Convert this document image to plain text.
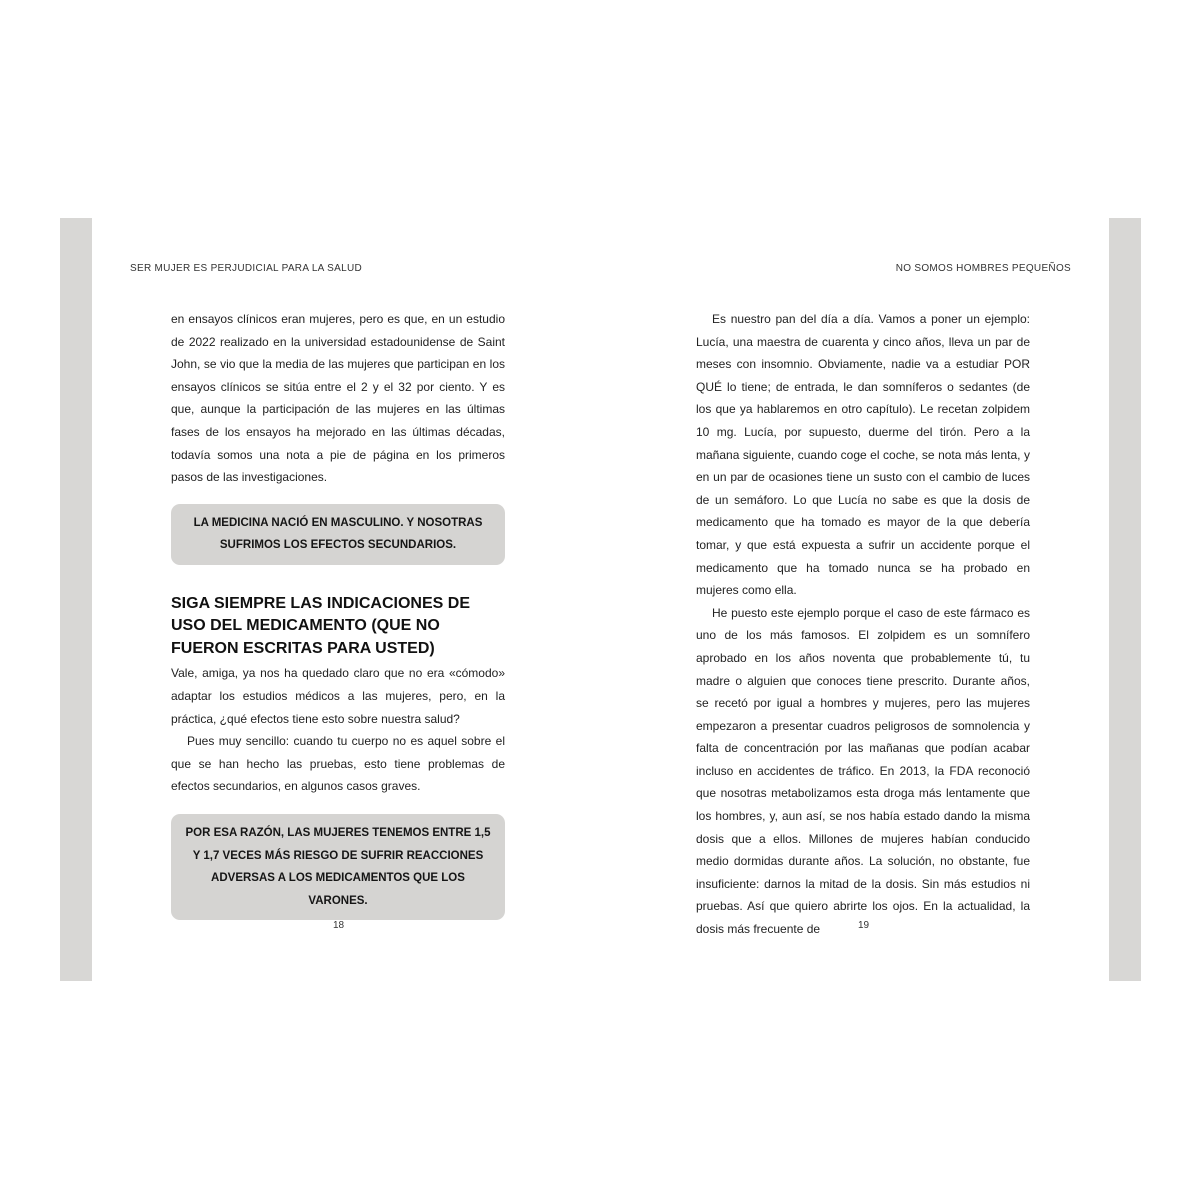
SER MUJER ES PERJUDICIAL PARA LA SALUD	NO SOMOS HOMBRES PEQUEÑOS

en ensayos clínicos eran mujeres, pero es que, en un estudio de 2022 realizado en la universidad estadounidense de Saint John, se vio que la media de las mujeres que participan en los ensayos clínicos se sitúa entre el 2 y el 32 por ciento. Y es que, aunque la participación de las mujeres en las últimas fases de los ensayos ha mejorado en las últimas décadas, todavía somos una nota a pie de página en los primeros pasos de las investigaciones.

LA MEDICINA NACIÓ EN MASCULINO. Y NOSOTRAS SUFRIMOS LOS EFECTOS SECUNDARIOS.
SIGA SIEMPRE LAS INDICACIONES DE USO DEL MEDICAMENTO (QUE NO FUERON ESCRITAS PARA USTED)

Vale, amiga, ya nos ha quedado claro que no era «cómodo» adaptar los estudios médicos a las mujeres, pero, en la práctica, ¿qué efectos tiene esto sobre nuestra salud?

Pues muy sencillo: cuando tu cuerpo no es aquel sobre el que se han hecho las pruebas, esto tiene problemas de efectos secundarios, en algunos casos graves.

POR ESA RAZÓN, LAS MUJERES TENEMOS ENTRE 1,5 Y 1,7 VECES MÁS RIESGO DE SUFRIR REACCIONES ADVERSAS A LOS MEDICAMENTOS QUE LOS VARONES.

Es nuestro pan del día a día. Vamos a poner un ejemplo: Lucía, una maestra de cuarenta y cinco años, lleva un par de meses con insomnio. Obviamente, nadie va a estudiar POR QUÉ lo tiene; de entrada, le dan somníferos o sedantes (de los que ya hablaremos en otro capítulo). Le recetan zolpidem 10 mg. Lucía, por supuesto, duerme del tirón. Pero a la mañana siguiente, cuando coge el coche, se nota más lenta, y en un par de ocasiones tiene un susto con el cambio de luces de un semáforo. Lo que Lucía no sabe es que la dosis de medicamento que ha tomado es mayor de la que debería tomar, y que está expuesta a sufrir un accidente porque el medicamento que ha tomado nunca se ha probado en mujeres como ella.

He puesto este ejemplo porque el caso de este fármaco es uno de los más famosos. El zolpidem es un somnífero aprobado en los años noventa que probablemente tú, tu madre o alguien que conoces tiene prescrito. Durante años, se recetó por igual a hombres y mujeres, pero las mujeres empezaron a presentar cuadros peligrosos de somnolencia y falta de concentración por las mañanas que podían acabar incluso en accidentes de tráfico. En 2013, la FDA reconoció que nosotras metabolizamos esta droga más lentamente que los hombres, y, aun así, se nos había estado dando la misma dosis que a ellos. Millones de mujeres habían conducido medio dormidas durante años. La solución, no obstante, fue insuficiente: darnos la mitad de la dosis. Sin más estudios ni pruebas. Así que quiero abrirte los ojos. En la actualidad, la dosis más frecuente de

18	19
